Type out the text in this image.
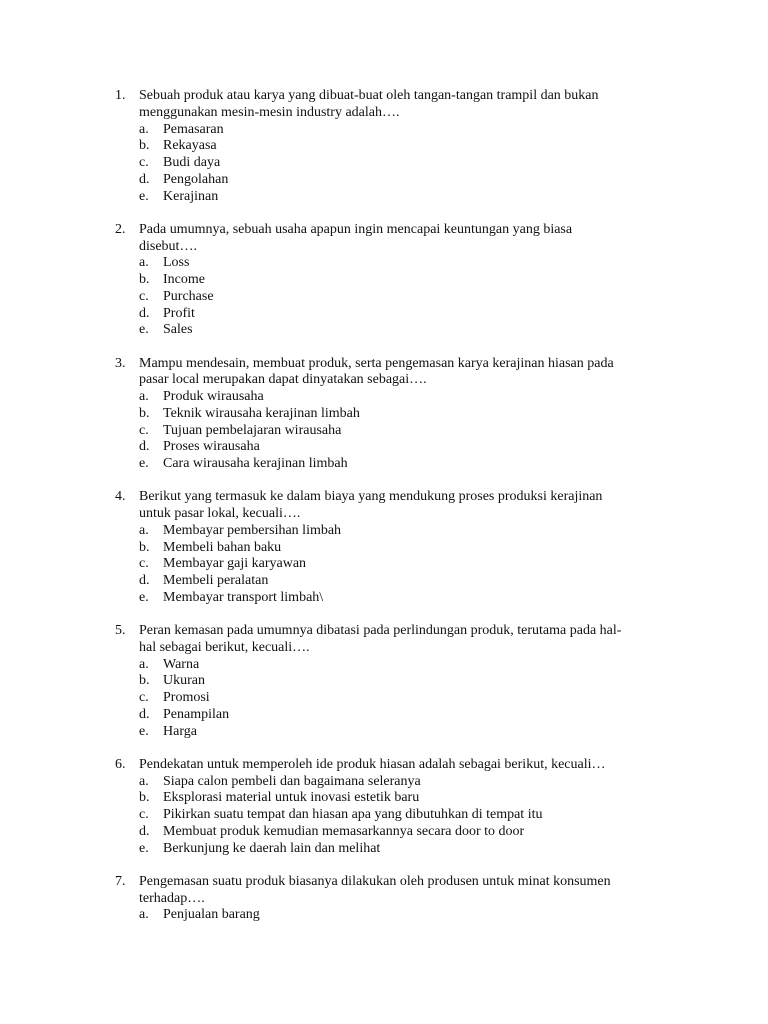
1. Sebuah produk atau karya yang dibuat-buat oleh tangan-tangan trampil dan bukan
menggunakan mesin-mesin industry adalah….
a. Pemasaran
b. Rekayasa
c. Budi daya
d. Pengolahan
e. Kerajinan
2. Pada umumnya, sebuah usaha apapun ingin mencapai keuntungan yang biasa
disebut….
a. Loss
b. Income
c. Purchase
d. Profit
e. Sales
3. Mampu mendesain, membuat produk, serta pengemasan karya kerajinan hiasan pada
pasar local merupakan dapat dinyatakan sebagai….
a. Produk wirausaha
b. Teknik wirausaha kerajinan limbah
c. Tujuan pembelajaran wirausaha
d. Proses wirausaha
e. Cara wirausaha kerajinan limbah
4. Berikut yang termasuk ke dalam biaya yang mendukung proses produksi kerajinan
untuk pasar lokal, kecuali….
a. Membayar pembersihan limbah
b. Membeli bahan baku
c. Membayar gaji karyawan
d. Membeli peralatan
e. Membayar transport limbah\
5. Peran kemasan pada umumnya dibatasi pada perlindungan produk, terutama pada hal-
hal sebagai berikut, kecuali….
a. Warna
b. Ukuran
c. Promosi
d. Penampilan
e. Harga
6. Pendekatan untuk memperoleh ide produk hiasan adalah sebagai berikut, kecuali…
a. Siapa calon pembeli dan bagaimana seleranya
b. Eksplorasi material untuk inovasi estetik baru
c. Pikirkan suatu tempat dan hiasan apa yang dibutuhkan di tempat itu
d. Membuat produk kemudian memasarkannya secara door to door
e. Berkunjung ke daerah lain dan melihat
7. Pengemasan suatu produk biasanya dilakukan oleh produsen untuk minat konsumen
terhadap….
a. Penjualan barang
